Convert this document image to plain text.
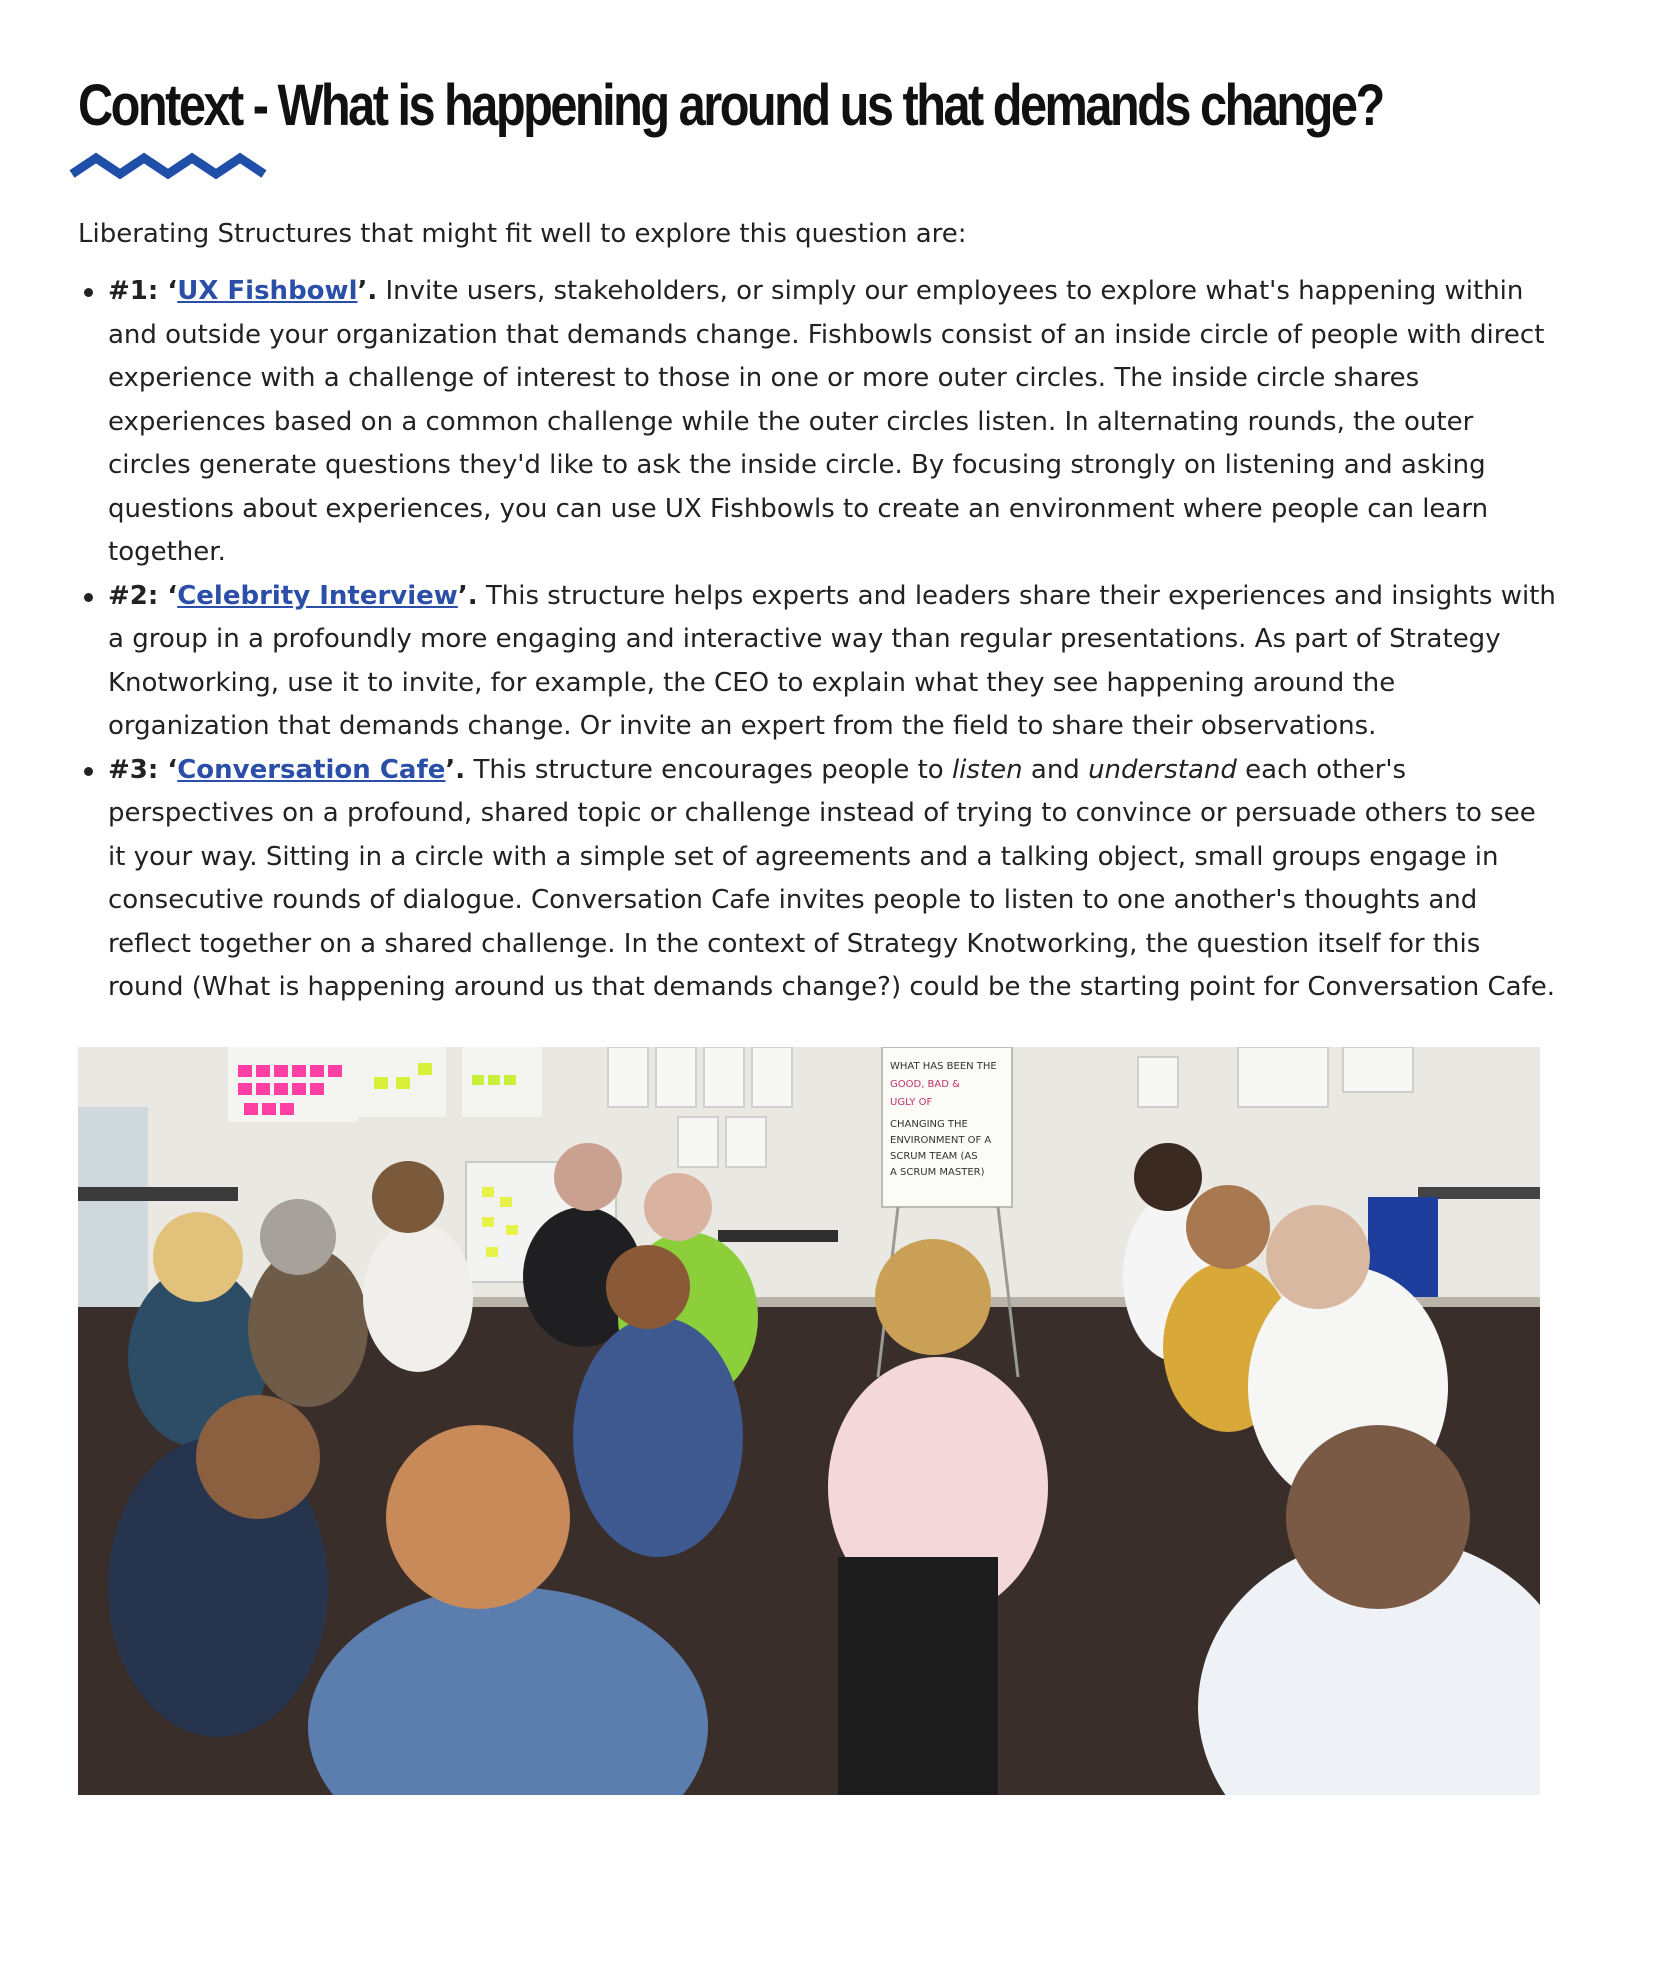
Context - What is happening around us that demands change?

Liberating Structures that might fit well to explore this question are:

#1: ‘UX Fishbowl’. Invite users, stakeholders, or simply our employees to explore what's happening within and outside your organization that demands change. Fishbowls consist of an inside circle of people with direct experience with a challenge of interest to those in one or more outer circles. The inside circle shares experiences based on a common challenge while the outer circles listen. In alternating rounds, the outer circles generate questions they'd like to ask the inside circle. By focusing strongly on listening and asking questions about experiences, you can use UX Fishbowls to create an environment where people can learn together.
#2: ‘Celebrity Interview’. This structure helps experts and leaders share their experiences and insights with a group in a profoundly more engaging and interactive way than regular presentations. As part of Strategy Knotworking, use it to invite, for example, the CEO to explain what they see happening around the organization that demands change. Or invite an expert from the field to share their observations.
#3: ‘Conversation Cafe’. This structure encourages people to listen and understand each other's perspectives on a profound, shared topic or challenge instead of trying to convince or persuade others to see it your way. Sitting in a circle with a simple set of agreements and a talking object, small groups engage in consecutive rounds of dialogue. Conversation Cafe invites people to listen to one another's thoughts and reflect together on a shared challenge. In the context of Strategy Knotworking, the question itself for this round (What is happening around us that demands change?) could be the starting point for Conversation Cafe.
WHAT HAS BEEN THE
GOOD, BAD &
UGLY OF
CHANGING THE
ENVIRONMENT OF A
SCRUM TEAM (AS
A SCRUM MASTER)
